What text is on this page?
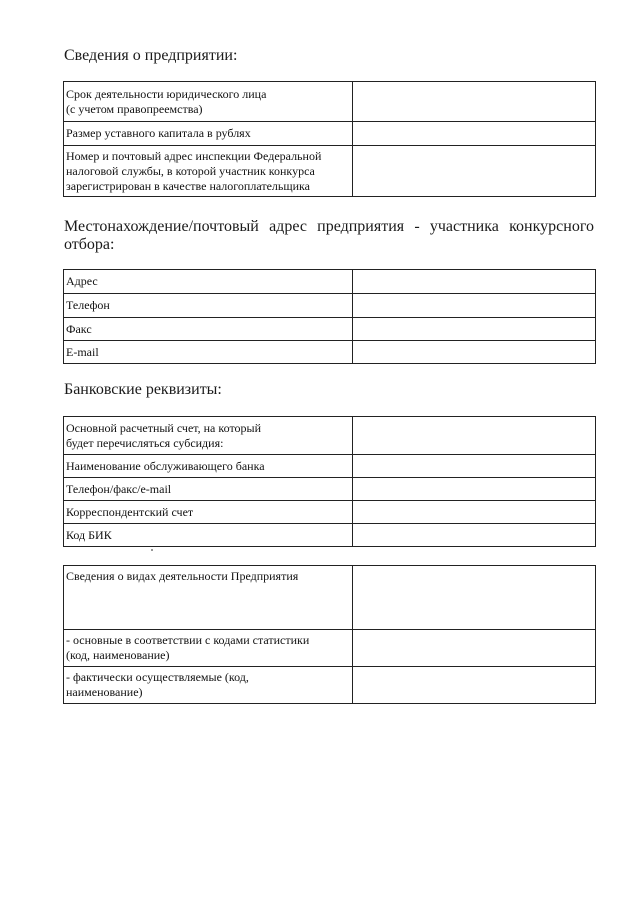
Сведения о предприятии:
Срок деятельности юридического лица
(с учетом правопреемства)	
Размер уставного капитала в рублях	
Номер и почтовый адрес инспекции Федеральной
налоговой службы, в которой участник конкурса
зарегистрирован в качестве налогоплательщика	
Местонахождение/почтовый адрес предприятия - участника конкурсного отбора:
Адрес	
Телефон	
Факс	
E-mail	
Банковские реквизиты:
Основной расчетный счет, на который
будет перечисляться субсидия:	
Наименование обслуживающего банка	
Телефон/факс/e-mail	
Корреспондентский счет	
Код БИК	
Сведения о видах деятельности Предприятия	
- основные в соответствии с кодами статистики
(код, наименование)	
- фактически осуществляемые (код,
наименование)	
